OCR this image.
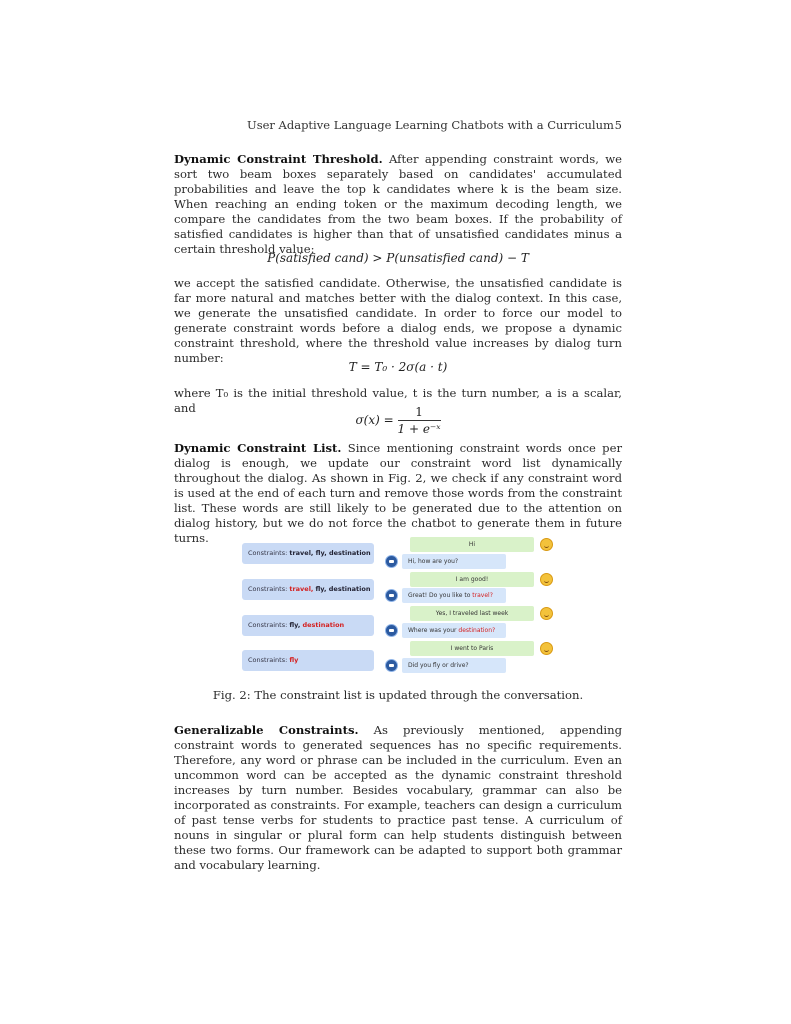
User Adaptive Language Learning Chatbots with a Curriculum 5

Dynamic Constraint Threshold. After appending constraint words, we sort two beam boxes separately based on candidates' accumulated probabilities and leave the top k candidates where k is the beam size. When reaching an ending token or the maximum decoding length, we compare the candidates from the two beam boxes. If the probability of satisfied candidates is higher than that of unsatisfied candidates minus a certain threshold value:

P(satisfied cand) > P(unsatisfied cand) − T

we accept the satisfied candidate. Otherwise, the unsatisfied candidate is far more natural and matches better with the dialog context. In this case, we generate the unsatisfied candidate. In order to force our model to generate constraint words before a dialog ends, we propose a dynamic constraint threshold, where the threshold value increases by dialog turn number:

T = T₀ · 2σ(a · t)

where T₀ is the initial threshold value, t is the turn number, a is a scalar, and

$\sigma(x) = \frac{1}{\text{1 + e⁻ˣ}}$

Dynamic Constraint List. Since mentioning constraint words once per dialog is enough, we update our constraint word list dynamically throughout the dialog. As shown in Fig. 2, we check if any constraint word is used at the end of each turn and remove those words from the constraint list. These words are still likely to be generated due to the attention on dialog history, but we do not force the chatbot to generate them in future turns.

Constraints: travel, fly, destination
Hi
Hi, how are you?
Constraints: travel, fly, destination
I am good!
Great! Do you like to travel?
Constraints: fly, destination
Yes, I traveled last week
Where was your destination?
Constraints: fly
I went to Paris
Did you fly or drive?
Fig. 2: The constraint list is updated through the conversation.

Generalizable Constraints. As previously mentioned, appending constraint words to generated sequences has no specific requirements. Therefore, any word or phrase can be included in the curriculum. Even an uncommon word can be accepted as the dynamic constraint threshold increases by turn number. Besides vocabulary, grammar can also be incorporated as constraints. For example, teachers can design a curriculum of past tense verbs for students to practice past tense. A curriculum of nouns in singular or plural form can help students distinguish between these two forms. Our framework can be adapted to support both grammar and vocabulary learning.
